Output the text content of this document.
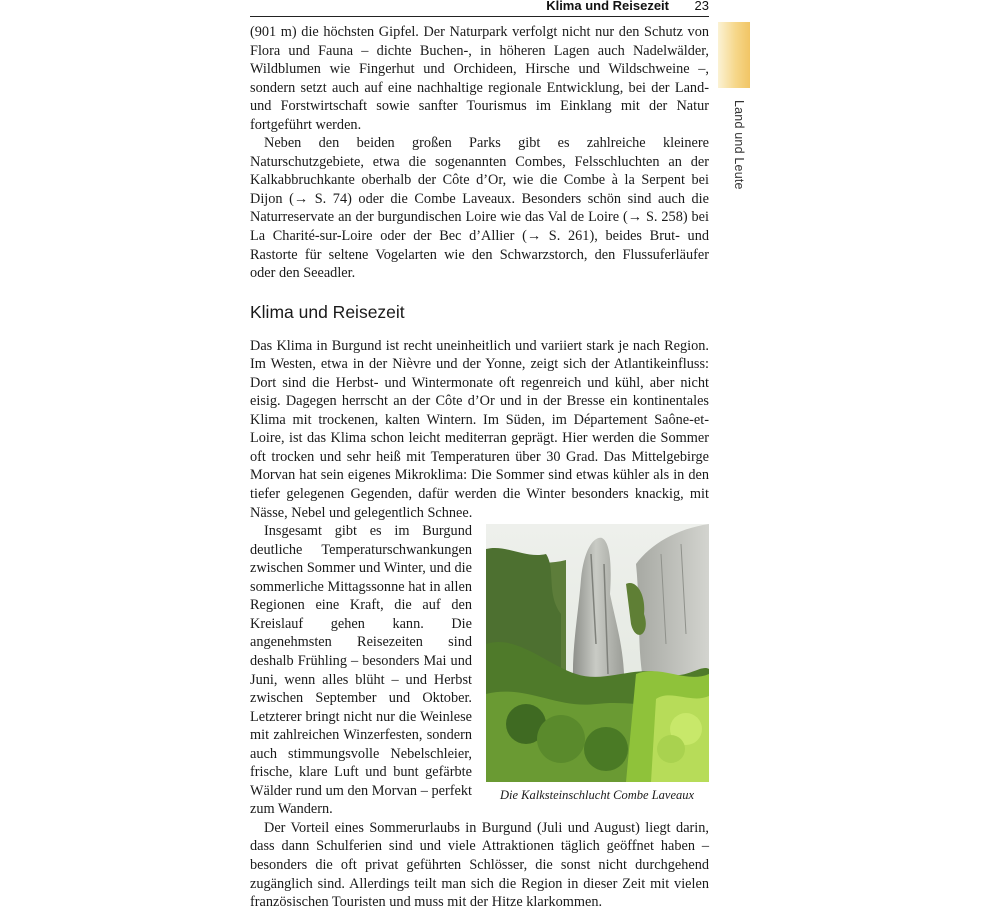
Klima und Reisezeit 23
Land und Leute

(901 m) die höchsten Gipfel. Der Naturpark verfolgt nicht nur den Schutz von Flora und Fauna – dichte Buchen-, in höheren Lagen auch Nadelwälder, Wildblumen wie Fingerhut und Orchideen, Hirsche und Wildschweine –, sondern setzt auch auf eine nachhaltige regionale Entwicklung, bei der Land- und Forstwirtschaft sowie sanfter Tourismus im Einklang mit der Natur fortgeführt werden.

Neben den beiden großen Parks gibt es zahlreiche kleinere Naturschutzgebiete, etwa die sogenannten Combes, Felsschluchten an der Kalkabbruchkante oberhalb der Côte d’Or, wie die Combe à la Serpent bei Dijon (→ S. 74) oder die Combe Laveaux. Besonders schön sind auch die Naturreservate an der burgundischen Loire wie das Val de Loire (→ S. 258) bei La Charité-sur-Loire oder der Bec d’Allier (→ S. 261), beides Brut- und Rastorte für seltene Vogelarten wie den Schwarzstorch, den Flussuferläufer oder den Seeadler.

Klima und Reisezeit

Das Klima in Burgund ist recht uneinheitlich und variiert stark je nach Region. Im Westen, etwa in der Nièvre und der Yonne, zeigt sich der Atlantikeinfluss: Dort sind die Herbst- und Wintermonate oft regenreich und kühl, aber nicht eisig. Dagegen herrscht an der Côte d’Or und in der Bresse ein kontinentales Klima mit trockenen, kalten Wintern. Im Süden, im Département Saône-et-Loire, ist das Klima schon leicht mediterran geprägt. Hier werden die Sommer oft trocken und sehr heiß mit Temperaturen über 30 Grad. Das Mittelgebirge Morvan hat sein eigenes Mikroklima: Die Sommer sind etwas kühler als in den tiefer gelegenen Gegenden, dafür werden die Winter besonders knackig, mit Nässe, Nebel und gelegentlich Schnee.

Die Kalksteinschlucht Combe Laveaux
Insgesamt gibt es im Burgund deutliche Temperaturschwankungen zwischen Sommer und Winter, und die sommerliche Mittagssonne hat in allen Regionen eine Kraft, die auf den Kreislauf gehen kann. Die angenehmsten Reisezeiten sind deshalb Frühling – besonders Mai und Juni, wenn alles blüht – und Herbst zwischen September und Oktober. Letzterer bringt nicht nur die Weinlese mit zahlreichen Winzerfesten, sondern auch stimmungsvolle Nebelschleier, frische, klare Luft und bunt gefärbte Wälder rund um den Morvan – perfekt zum Wandern.

Der Vorteil eines Sommerurlaubs in Burgund (Juli und August) liegt darin, dass dann Schulferien sind und viele Attraktionen täglich geöffnet haben – besonders die oft privat geführten Schlösser, die sonst nicht durchgehend zugänglich sind. Allerdings teilt man sich die Region in dieser Zeit mit vielen französischen Touristen und muss mit der Hitze klarkommen.
